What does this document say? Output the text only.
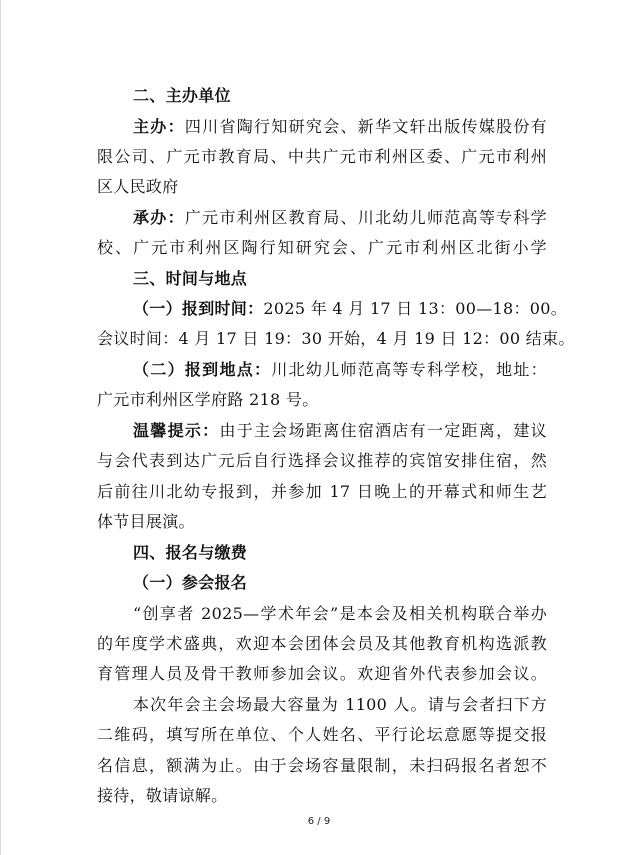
二、主办单位
主办：四川省陶行知研究会、新华文轩出版传媒股份有
限公司、广元市教育局、中共广元市利州区委、广元市利州
区人民政府
承办：广元市利州区教育局、川北幼儿师范高等专科学
校、广元市利州区陶行知研究会、广元市利州区北街小学
三、时间与地点
（一）报到时间：2025 年 4 月 17 日 13：00—18：00。
会议时间：4 月 17 日 19：30 开始，4 月 19 日 12：00 结束。
（二）报到地点：川北幼儿师范高等专科学校，地址：
广元市利州区学府路 218 号。
温馨提示：由于主会场距离住宿酒店有一定距离，建议
与会代表到达广元后自行选择会议推荐的宾馆安排住宿，然
后前往川北幼专报到，并参加 17 日晚上的开幕式和师生艺
体节目展演。
四、报名与缴费
（一）参会报名
“创享者 2025—学术年会”是本会及相关机构联合举办
的年度学术盛典，欢迎本会团体会员及其他教育机构选派教
育管理人员及骨干教师参加会议。欢迎省外代表参加会议。
本次年会主会场最大容量为 1100 人。请与会者扫下方
二维码，填写所在单位、个人姓名、平行论坛意愿等提交报
名信息，额满为止。由于会场容量限制，未扫码报名者恕不
接待，敬请谅解。
6 / 9
